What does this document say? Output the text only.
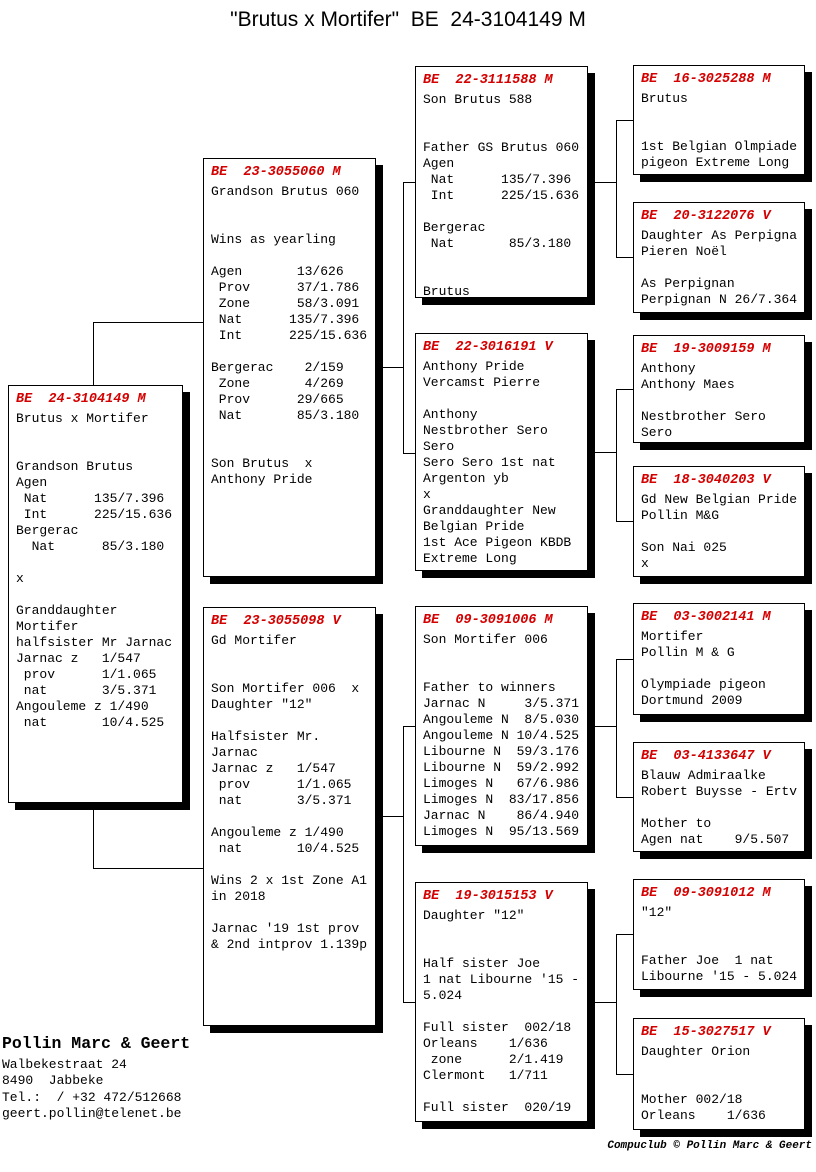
"Brutus x Mortifer"  BE  24-3104149 M
BE  24-3104149 M
Brutus x Mortifer

Grandson Brutus
Agen
Nat      135/7.396
Int      225/15.636
Bergerac
Nat      85/3.180

x

Granddaughter
Mortifer
halfsister Mr Jarnac
Jarnac z   1/547
prov      1/1.065
nat       3/5.371
Angouleme z 1/490
nat       10/4.525
BE  23-3055060 M
Grandson Brutus 060

Wins as yearling

Agen       13/626
Prov      37/1.786
Zone      58/3.091
Nat      135/7.396
Int      225/15.636

Bergerac    2/159
Zone       4/269
Prov      29/665
Nat       85/3.180

Son Brutus  x
Anthony Pride
BE  23-3055098 V
Gd Mortifer

Son Mortifer 006  x
Daughter "12"

Halfsister Mr.
Jarnac
Jarnac z   1/547
prov      1/1.065
nat       3/5.371

Angouleme z 1/490
nat       10/4.525

Wins 2 x 1st Zone A1
in 2018

Jarnac '19 1st prov
& 2nd intprov 1.139p
BE  22-3111588 M
Son Brutus 588

Father GS Brutus 060
Agen
Nat      135/7.396
Int      225/15.636

Bergerac
Nat       85/3.180

Brutus
BE  22-3016191 V
Anthony Pride
Vercamst Pierre

Anthony
Nestbrother Sero
Sero
Sero Sero 1st nat
Argenton yb
x
Granddaughter New
Belgian Pride
1st Ace Pigeon KBDB
Extreme Long
BE  09-3091006 M
Son Mortifer 006

Father to winners
Jarnac N     3/5.371
Angouleme N  8/5.030
Angouleme N 10/4.525
Libourne N  59/3.176
Libourne N  59/2.992
Limoges N   67/6.986
Limoges N  83/17.856
Jarnac N    86/4.940
Limoges N  95/13.569
BE  19-3015153 V
Daughter "12"

Half sister Joe
1 nat Libourne '15 -
5.024

Full sister  002/18
Orleans    1/636
zone      2/1.419
Clermont   1/711

Full sister  020/19
BE  16-3025288 M
Brutus

1st Belgian Olmpiade
pigeon Extreme Long
BE  20-3122076 V
Daughter As Perpigna
Pieren Noël

As Perpignan
Perpignan N 26/7.364
BE  19-3009159 M
Anthony
Anthony Maes

Nestbrother Sero
Sero
BE  18-3040203 V
Gd New Belgian Pride
Pollin M&G

Son Nai 025
x
BE  03-3002141 M
Mortifer
Pollin M & G

Olympiade pigeon
Dortmund 2009
BE  03-4133647 V
Blauw Admiraalke
Robert Buysse - Ertv

Mother to
Agen nat    9/5.507
BE  09-3091012 M
"12"

Father Joe  1 nat
Libourne '15 - 5.024
BE  15-3027517 V
Daughter Orion

Mother 002/18
Orleans    1/636
Pollin Marc & Geert
Walbekestraat 24
8490  Jabbeke
Tel.:  / +32 472/512668
geert.pollin@telenet.be
Compuclub © Pollin Marc & Geert
